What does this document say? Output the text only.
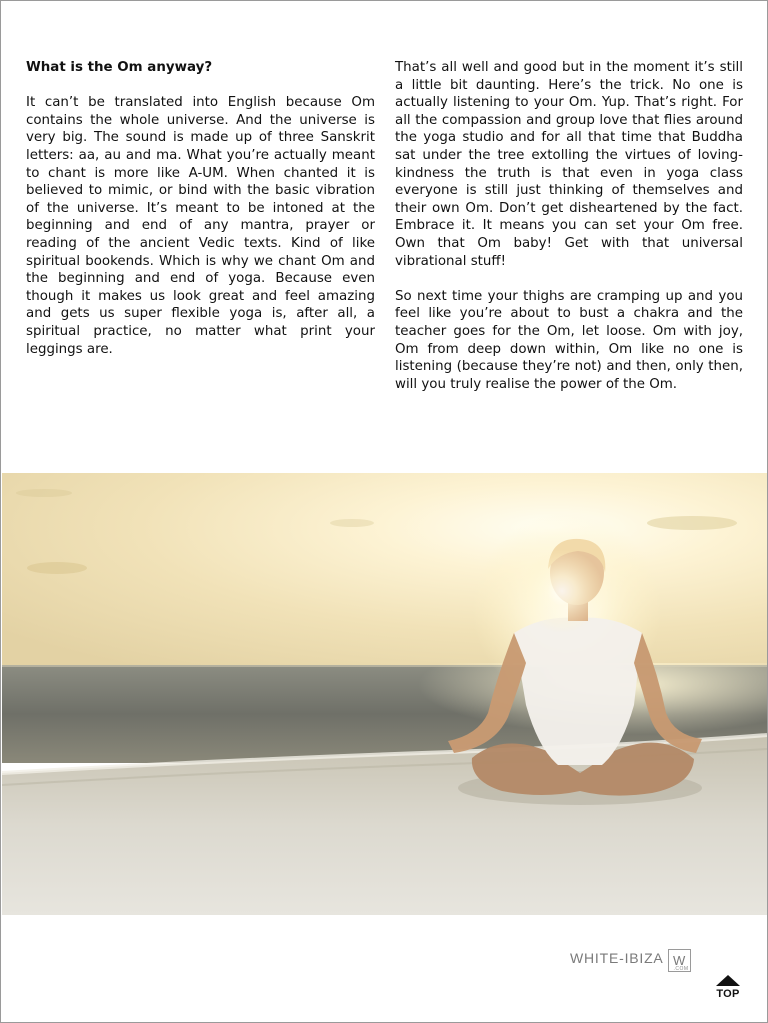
What is the Om anyway?

It can’t be translated into English because Om contains the whole universe. And the universe is very big. The sound is made up of three Sanskrit letters: aa, au and ma. What you’re actually meant to chant is more like A-UM. When chanted it is believed to mimic, or bind with the basic vibration of the universe. It’s meant to be intoned at the beginning and end of any mantra, prayer or reading of the ancient Vedic texts. Kind of like spiritual bookends. Which is why we chant Om and the beginning and end of yoga. Because even though it makes us look great and feel amazing and gets us super flexible yoga is, after all, a spiritual practice, no matter what print your leggings are.

That’s all well and good but in the moment it’s still a little bit daunting. Here’s the trick. No one is actually listening to your Om. Yup. That’s right. For all the compassion and group love that flies around the yoga studio and for all that time that Buddha sat under the tree extolling the virtues of loving-kindness the truth is that even in yoga class everyone is still just thinking of themselves and their own Om. Don’t get disheartened by the fact. Embrace it. It means you can set your Om free. Own that Om baby! Get with that universal vibrational stuff!

So next time your thighs are cramping up and you feel like you’re about to bust a chakra and the teacher goes for the Om, let loose. Om with joy, Om from deep down within, Om like no one is listening (because they’re not) and then, only then, will you truly realise the power of the Om.

WHITE-IBIZA
.COM
W
TOP
